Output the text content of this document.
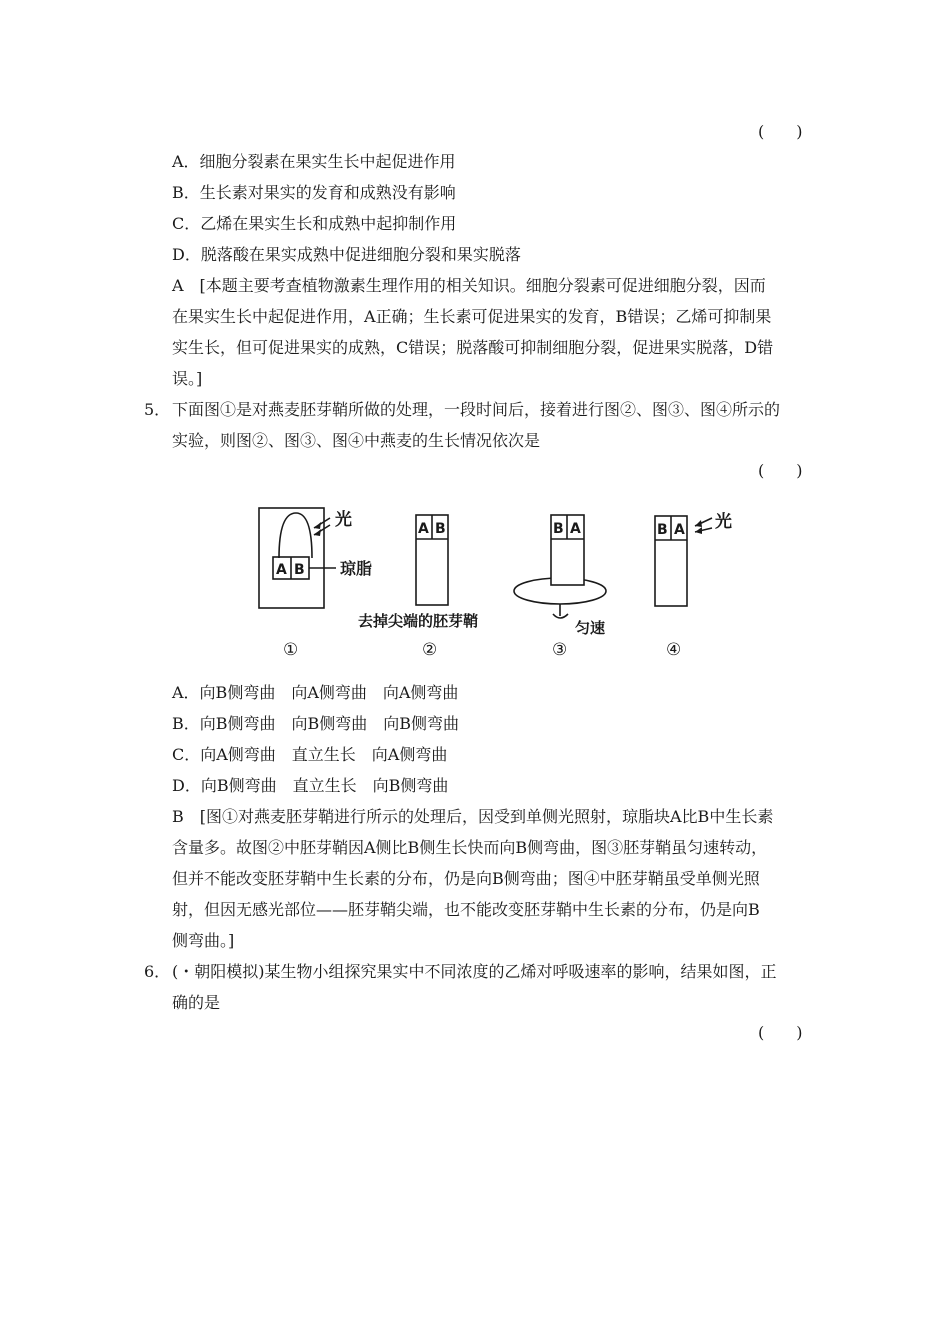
(　　)
A．细胞分裂素在果实生长中起促进作用
B．生长素对果实的发育和成熟没有影响
C．乙烯在果实生长和成熟中起抑制作用
D．脱落酸在果实成熟中促进细胞分裂和果实脱落
A　[本题主要考查植物激素生理作用的相关知识。细胞分裂素可促进细胞分裂，因而
在果实生长中起促进作用，A正确；生长素可促进果实的发育，B错误；乙烯可抑制果
实生长，但可促进果实的成熟，C错误；脱落酸可抑制细胞分裂，促进果实脱落，D错
误。]
5． 下面图①是对燕麦胚芽鞘所做的处理，一段时间后，接着进行图②、图③、图④所示的
实验，则图②、图③、图④中燕麦的生长情况依次是
(　　)
光
琼脂
A B
A B	B A	B A 光
去掉尖端的胚芽鞘	匀速
①	②	③	④
A．向B侧弯曲　向A侧弯曲　向A侧弯曲
B．向B侧弯曲　向B侧弯曲　向B侧弯曲
C．向A侧弯曲　直立生长　向A侧弯曲
D．向B侧弯曲　直立生长　向B侧弯曲
B　[图①对燕麦胚芽鞘进行所示的处理后，因受到单侧光照射，琼脂块A比B中生长素
含量多。故图②中胚芽鞘因A侧比B侧生长快而向B侧弯曲，图③胚芽鞘虽匀速转动，
但并不能改变胚芽鞘中生长素的分布，仍是向B侧弯曲；图④中胚芽鞘虽受单侧光照
射，但因无感光部位——胚芽鞘尖端，也不能改变胚芽鞘中生长素的分布，仍是向B
侧弯曲。]
6． (・朝阳模拟)某生物小组探究果实中不同浓度的乙烯对呼吸速率的影响，结果如图，正
确的是
(　　)
